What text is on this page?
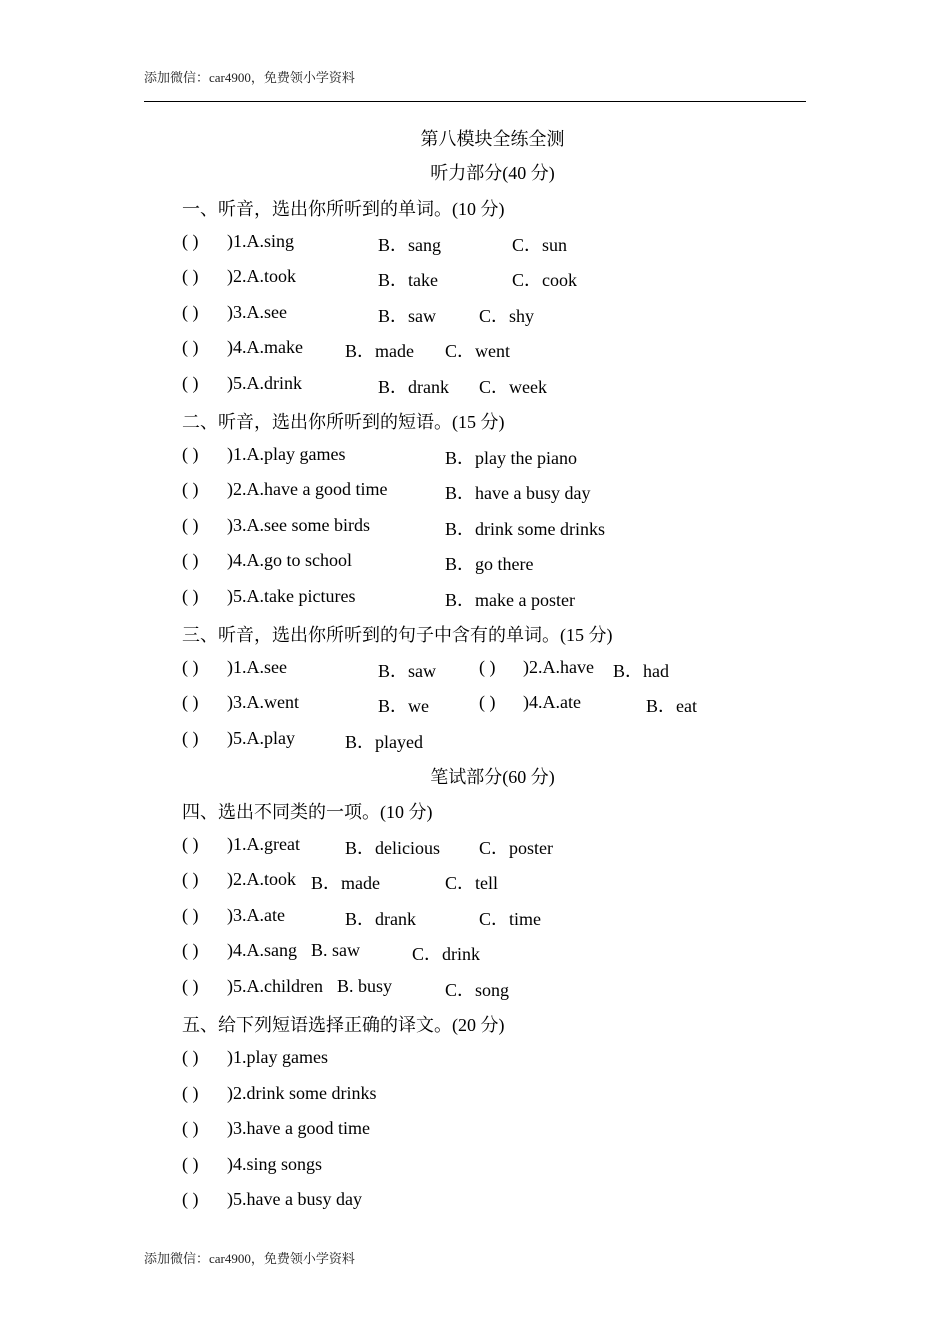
添加微信：car4900，免费领小学资料
第八模块全练全测
听力部分(40 分)
一、听音，选出你所听到的单词。(10 分)
( ) )1.A.sing	B．sang	C．sun
( ) )2.A.took	B．take	C．cook
( ) )3.A.see	B．saw C．shy
( ) )4.A.make B．made C．went
( ) )5.A.drink	B．drank C．week
二、听音，选出你所听到的短语。(15 分)
( ) )1.A.play games	B．play the piano
( ) )2.A.have a good time	B．have a busy day
( ) )3.A.see some birds	B．drink some drinks
( ) )4.A.go to school	B．go there
( ) )5.A.take pictures	B．make a poster
三、听音，选出你所听到的句子中含有的单词。(15 分)
( ) )1.A.see	B．saw ( ) )2.A.have B．had
( ) )3.A.went	B．we	( ) )4.A.ate	B．eat
( ) )5.A.play	B．played
笔试部分(60 分)
四、选出不同类的一项。(10 分)
( ) )1.A.great	B．delicious C．poster
( ) )2.A.took B．made	C．tell
( ) )3.A.ate	B．drank	C．time
( ) )4.A.sang B. saw	C．drink
( ) )5.A.children B. busy	C．song
五、给下列短语选择正确的译文。(20 分)
( ) )1.play games
( ) )2.drink some drinks
( ) )3.have a good time
( ) )4.sing songs
( ) )5.have a busy day
添加微信：car4900，免费领小学资料
